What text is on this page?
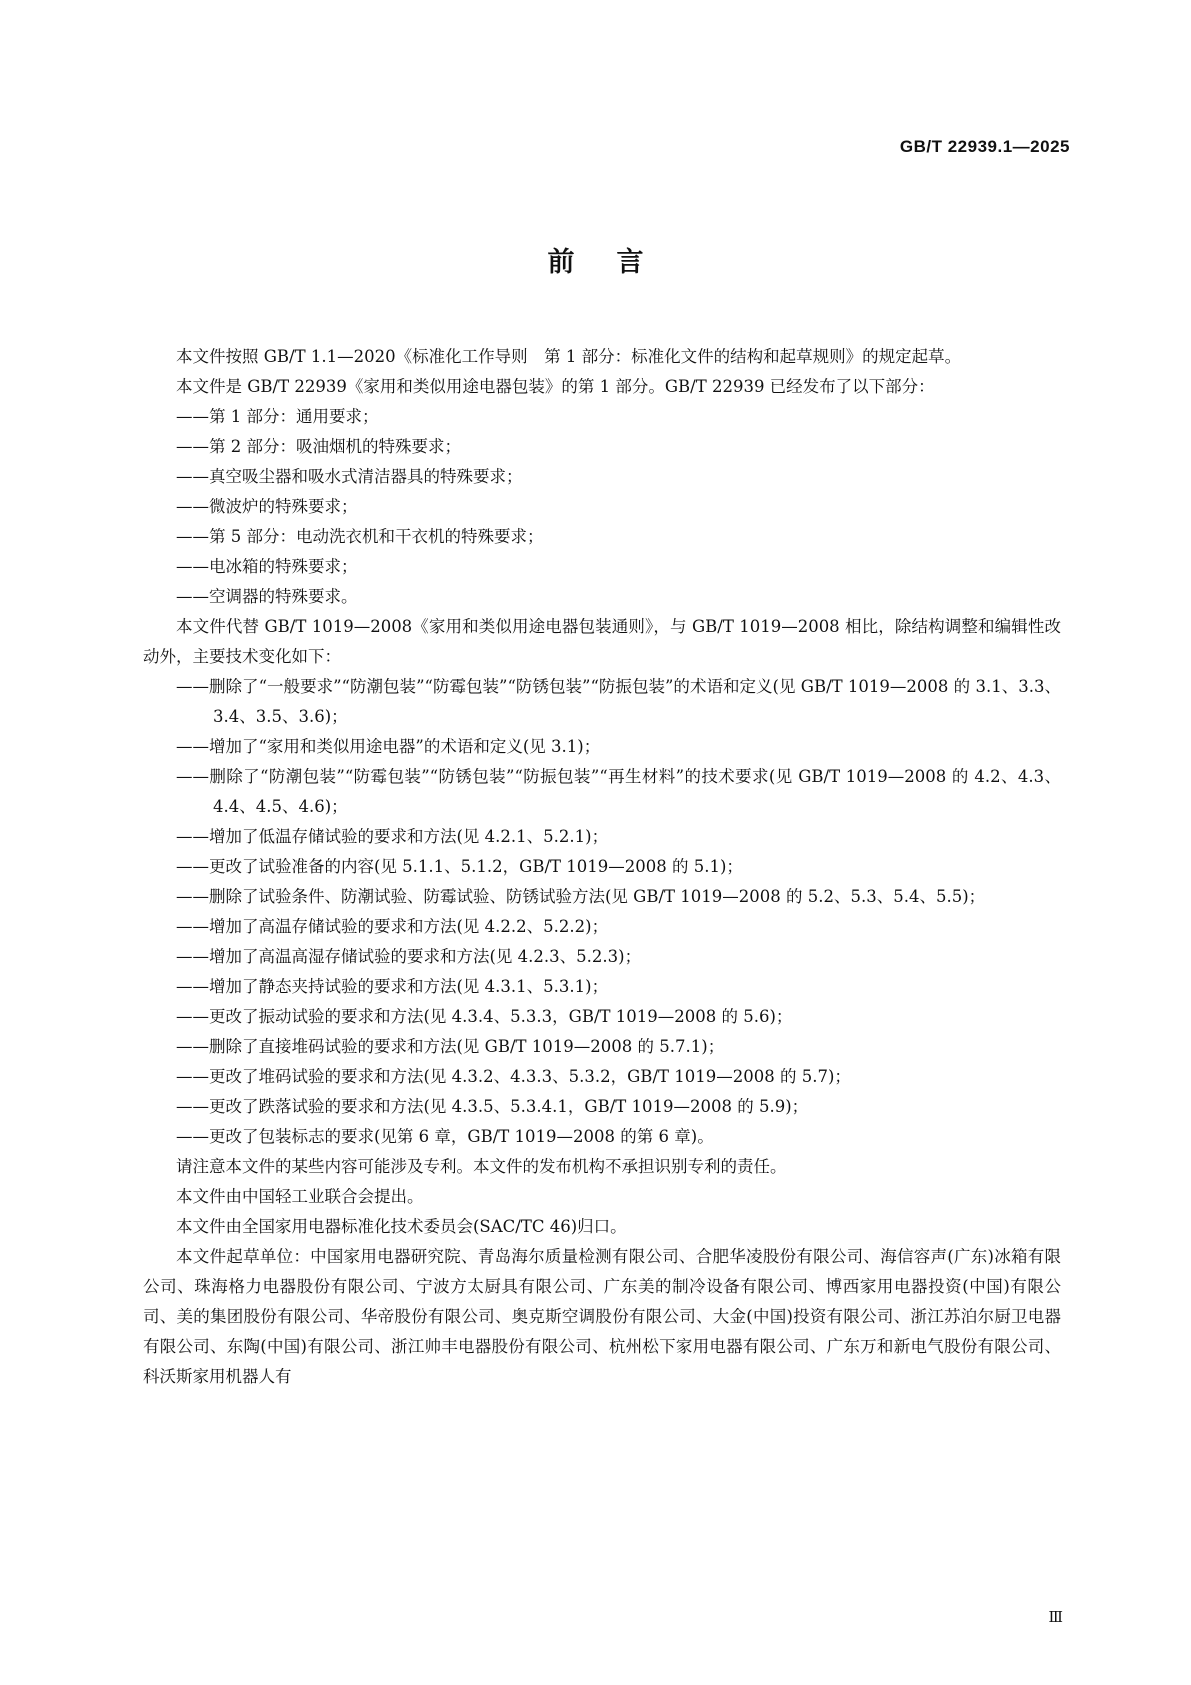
GB/T 22939.1—2025
前言

本文件按照 GB/T 1.1—2020《标准化工作导则　第 1 部分：标准化文件的结构和起草规则》的规定起草。

本文件是 GB/T 22939《家用和类似用途电器包装》的第 1 部分。GB/T 22939 已经发布了以下部分：

——第 1 部分：通用要求；

——第 2 部分：吸油烟机的特殊要求；

——真空吸尘器和吸水式清洁器具的特殊要求；

——微波炉的特殊要求；

——第 5 部分：电动洗衣机和干衣机的特殊要求；

——电冰箱的特殊要求；

——空调器的特殊要求。

本文件代替 GB/T 1019—2008《家用和类似用途电器包装通则》，与 GB/T 1019—2008 相比，除结构调整和编辑性改动外，主要技术变化如下：

——删除了“一般要求”“防潮包装”“防霉包装”“防锈包装”“防振包装”的术语和定义(见 GB/T 1019—2008 的 3.1、3.3、3.4、3.5、3.6)；

——增加了“家用和类似用途电器”的术语和定义(见 3.1)；

——删除了“防潮包装”“防霉包装”“防锈包装”“防振包装”“再生材料”的技术要求(见 GB/T 1019—2008 的 4.2、4.3、4.4、4.5、4.6)；

——增加了低温存储试验的要求和方法(见 4.2.1、5.2.1)；

——更改了试验准备的内容(见 5.1.1、5.1.2，GB/T 1019—2008 的 5.1)；

——删除了试验条件、防潮试验、防霉试验、防锈试验方法(见 GB/T 1019—2008 的 5.2、5.3、5.4、5.5)；

——增加了高温存储试验的要求和方法(见 4.2.2、5.2.2)；

——增加了高温高湿存储试验的要求和方法(见 4.2.3、5.2.3)；

——增加了静态夹持试验的要求和方法(见 4.3.1、5.3.1)；

——更改了振动试验的要求和方法(见 4.3.4、5.3.3，GB/T 1019—2008 的 5.6)；

——删除了直接堆码试验的要求和方法(见 GB/T 1019—2008 的 5.7.1)；

——更改了堆码试验的要求和方法(见 4.3.2、4.3.3、5.3.2，GB/T 1019—2008 的 5.7)；

——更改了跌落试验的要求和方法(见 4.3.5、5.3.4.1，GB/T 1019—2008 的 5.9)；

——更改了包装标志的要求(见第 6 章，GB/T 1019—2008 的第 6 章)。

请注意本文件的某些内容可能涉及专利。本文件的发布机构不承担识别专利的责任。

本文件由中国轻工业联合会提出。

本文件由全国家用电器标准化技术委员会(SAC/TC 46)归口。

本文件起草单位：中国家用电器研究院、青岛海尔质量检测有限公司、合肥华凌股份有限公司、海信容声(广东)冰箱有限公司、珠海格力电器股份有限公司、宁波方太厨具有限公司、广东美的制冷设备有限公司、博西家用电器投资(中国)有限公司、美的集团股份有限公司、华帝股份有限公司、奥克斯空调股份有限公司、大金(中国)投资有限公司、浙江苏泊尔厨卫电器有限公司、东陶(中国)有限公司、浙江帅丰电器股份有限公司、杭州松下家用电器有限公司、广东万和新电气股份有限公司、科沃斯家用机器人有

Ⅲ
